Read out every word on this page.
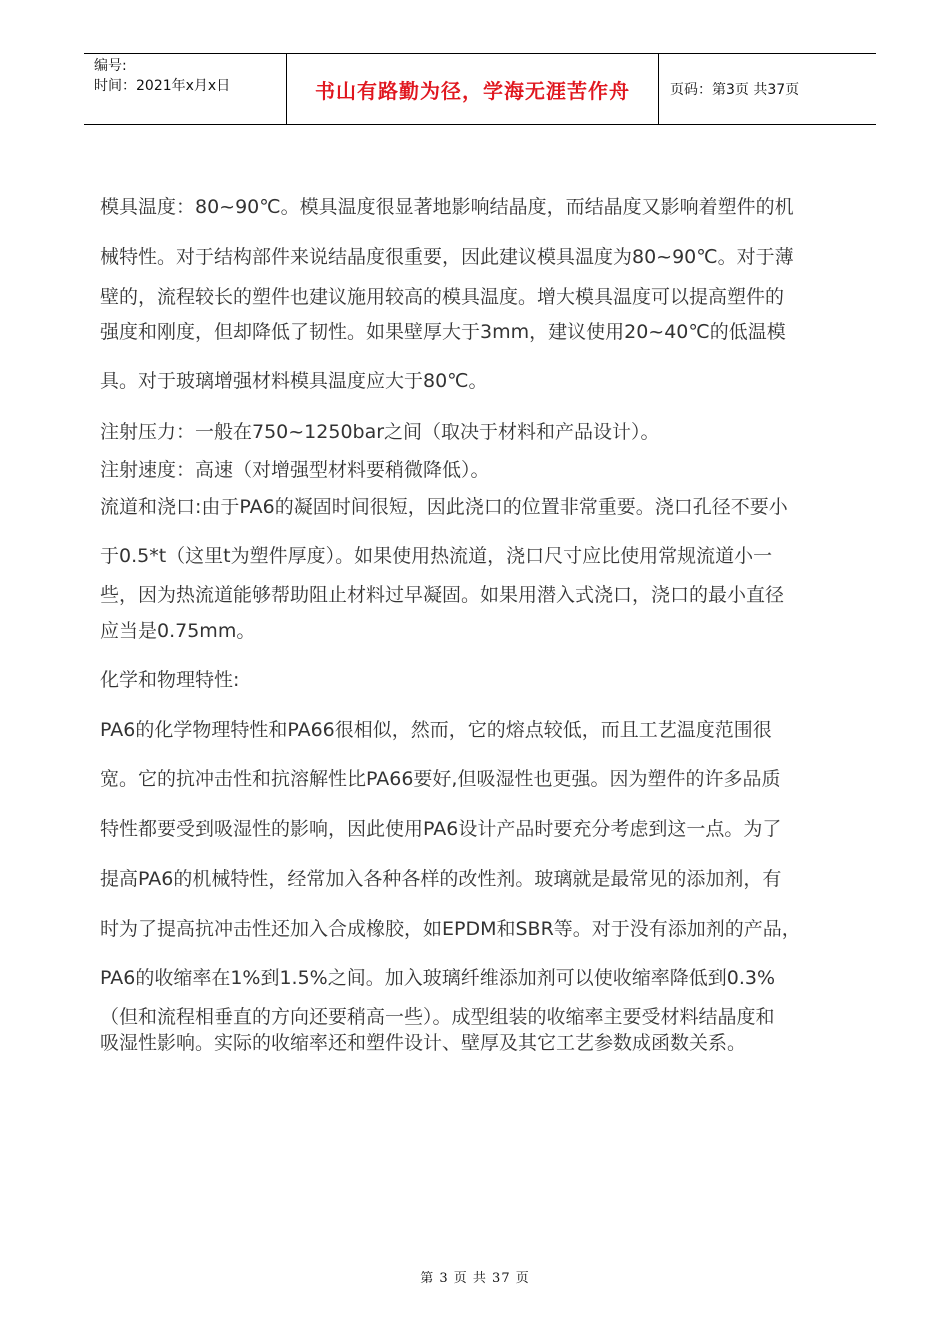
编号:
时间：2021年x月x日	书山有路勤为径，学海无涯苦作舟	页码：第3页 共37页
模具温度：80~90℃。模具温度很显著地影响结晶度，而结晶度又影响着塑件的机
械特性。对于结构部件来说结晶度很重要，因此建议模具温度为80~90℃。对于薄
壁的，流程较长的塑件也建议施用较高的模具温度。增大模具温度可以提高塑件的
强度和刚度，但却降低了韧性。如果壁厚大于3mm，建议使用20~40℃的低温模
具。对于玻璃增强材料模具温度应大于80℃。
注射压力：一般在750~1250bar之间（取决于材料和产品设计）。
注射速度：高速（对增强型材料要稍微降低）。
流道和浇口:由于PA6的凝固时间很短，因此浇口的位置非常重要。浇口孔径不要小
于0.5*t（这里t为塑件厚度）。如果使用热流道，浇口尺寸应比使用常规流道小一
些，因为热流道能够帮助阻止材料过早凝固。如果用潜入式浇口，浇口的最小直径
应当是0.75mm。
化学和物理特性:
PA6的化学物理特性和PA66很相似，然而，它的熔点较低，而且工艺温度范围很
宽。它的抗冲击性和抗溶解性比PA66要好,但吸湿性也更强。因为塑件的许多品质
特性都要受到吸湿性的影响，因此使用PA6设计产品时要充分考虑到这一点。为了
提高PA6的机械特性，经常加入各种各样的改性剂。玻璃就是最常见的添加剂，有
时为了提高抗冲击性还加入合成橡胶，如EPDM和SBR等。对于没有添加剂的产品，
PA6的收缩率在1%到1.5%之间。加入玻璃纤维添加剂可以使收缩率降低到0.3%
（但和流程相垂直的方向还要稍高一些）。成型组装的收缩率主要受材料结晶度和
吸湿性影响。实际的收缩率还和塑件设计、壁厚及其它工艺参数成函数关系。
第 3 页 共 37 页
